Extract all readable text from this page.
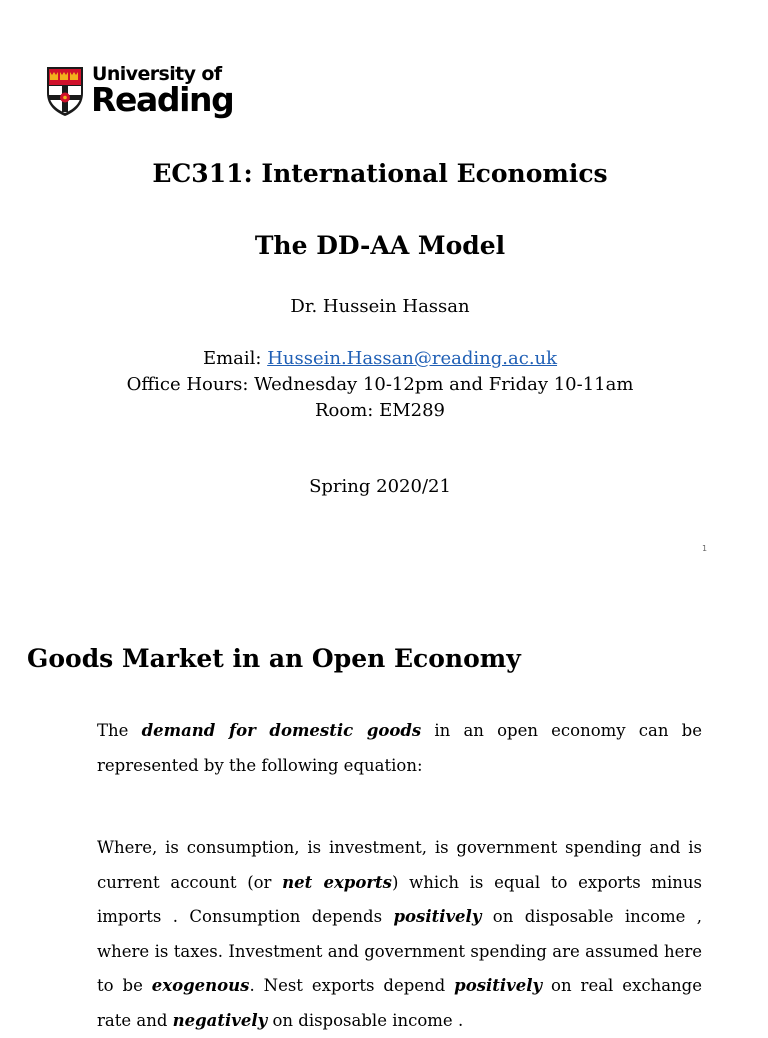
University of
Reading
EC311: International Economics
The DD-AA Model
Dr. Hussein Hassan
Email: Hussein.Hassan@reading.ac.uk
Office Hours: Wednesday 10-12pm and Friday 10-11am
Room: EM289
Spring 2020/21
1
Goods Market in an Open Economy

The demand for domestic goods in an open economy can be represented by the following equation:

Where, is consumption, is investment, is government spending and is current account (or net exports) which is equal to exports minus imports . Consumption depends positively on disposable income , where is taxes. Investment and government spending are assumed here to be exogenous. Nest exports depend positively on real exchange rate and negatively on disposable income .
